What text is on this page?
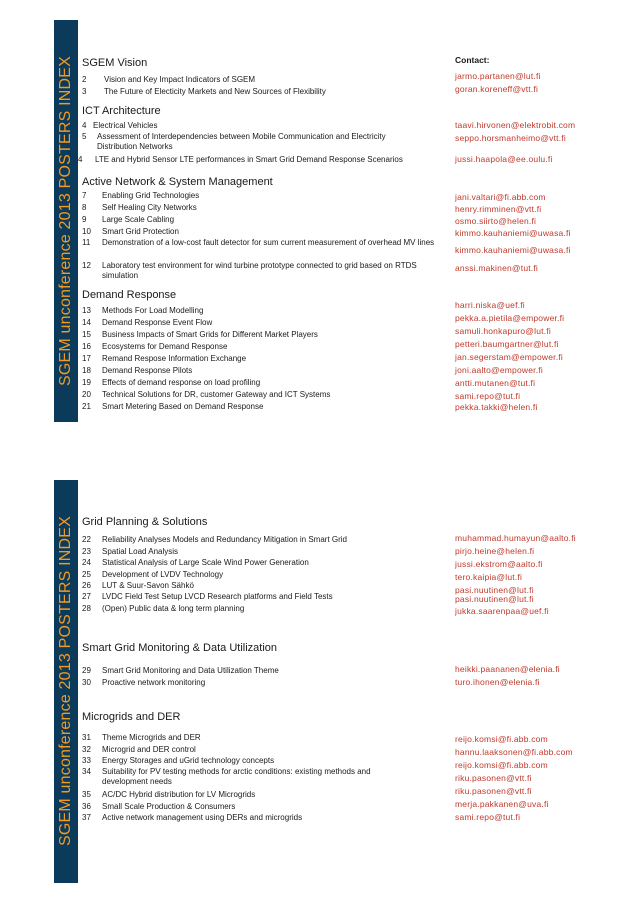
SGEM unconference 2013 POSTERS INDEX
SGEM unconference 2013 POSTERS INDEX
Contact:
SGEM Vision
2 Vision and Key Impact Indicators of SGEM
3 The Future of Electicity Markets and New Sources of Flexibility
jarmo.partanen@lut.fi
goran.koreneff@vtt.fi
ICT Architecture
4 Electrical Vehicles
5 Assessment of Interdependencies between Mobile Communication and Electricity Distribution Networks
4 LTE and Hybrid Sensor LTE performances in Smart Grid Demand Response Scenarios
taavi.hirvonen@elektrobit.com
seppo.horsmanheimo@vtt.fi
jussi.haapola@ee.oulu.fi
Active Network & System Management
7 Enabling Grid Technologies
8 Self Healing City Networks
9 Large Scale Cabling
10 Smart Grid Protection
11 Demonstration of a low-cost fault detector for sum current measurement of overhead MV lines
12 Laboratory test environment for wind turbine prototype connected to grid based on RTDS simulation
jani.valtari@fi.abb.com
henry.rimminen@vtt.fi
osmo.siirto@helen.fi
kimmo.kauhaniemi@uwasa.fi
kimmo.kauhaniemi@uwasa.fi
anssi.makinen@tut.fi
Demand Response
13 Methods For Load Modelling
14 Demand Response Event Flow
15 Business Impacts of Smart Grids for Different Market Players
16 Ecosystems for Demand Response
17 Remand Respose Information Exchange
18 Demand Response Pilots
19 Effects of demand response on load profiling
20 Technical Solutions for DR, customer Gateway and ICT Systems
21 Smart Metering Based on Demand Response
harri.niska@uef.fi
pekka.a.pietila@empower.fi
samuli.honkapuro@lut.fi
petteri.baumgartner@lut.fi
jan.segerstam@empower.fi
joni.aalto@empower.fi
antti.mutanen@tut.fi
sami.repo@tut.fi
pekka.takki@helen.fi
Grid Planning & Solutions
22 Reliability Analyses Models and Redundancy Mitigation in Smart Grid
23 Spatial Load Analysis
24 Statistical Analysis of Large Scale Wind Power Generation
25 Development of LVDV Technology
26 LUT & Suur-Savon Sähkö
27 LVDC Field Test Setup LVCD Research platforms and Field Tests
28 (Open) Public data & long term planning
muhammad.humayun@aalto.fi
pirjo.heine@helen.fi
jussi.ekstrom@aalto.fi
tero.kaipia@lut.fi
pasi.nuutinen@lut.fi
pasi.nuutinen@lut.fi
jukka.saarenpaa@uef.fi
Smart Grid Monitoring & Data Utilization
29 Smart Grid Monitoring and Data Utilization Theme
30 Proactive network monitoring
heikki.paananen@elenia.fi
turo.ihonen@elenia.fi
Microgrids and DER
31 Theme Microgrids and DER
32 Microgrid and DER control
33 Energy Storages and uGrid technology concepts
34 Suitability for PV testing methods for arctic conditions: existing methods and development needs
35 AC/DC Hybrid distribution for LV Microgrids
36 Small Scale Production & Consumers
37 Active network management using DERs and microgrids
reijo.komsi@fi.abb.com
hannu.laaksonen@fi.abb.com
reijo.komsi@fi.abb.com
riku.pasonen@vtt.fi
riku.pasonen@vtt.fi
merja.pakkanen@uva.fi
sami.repo@tut.fi
